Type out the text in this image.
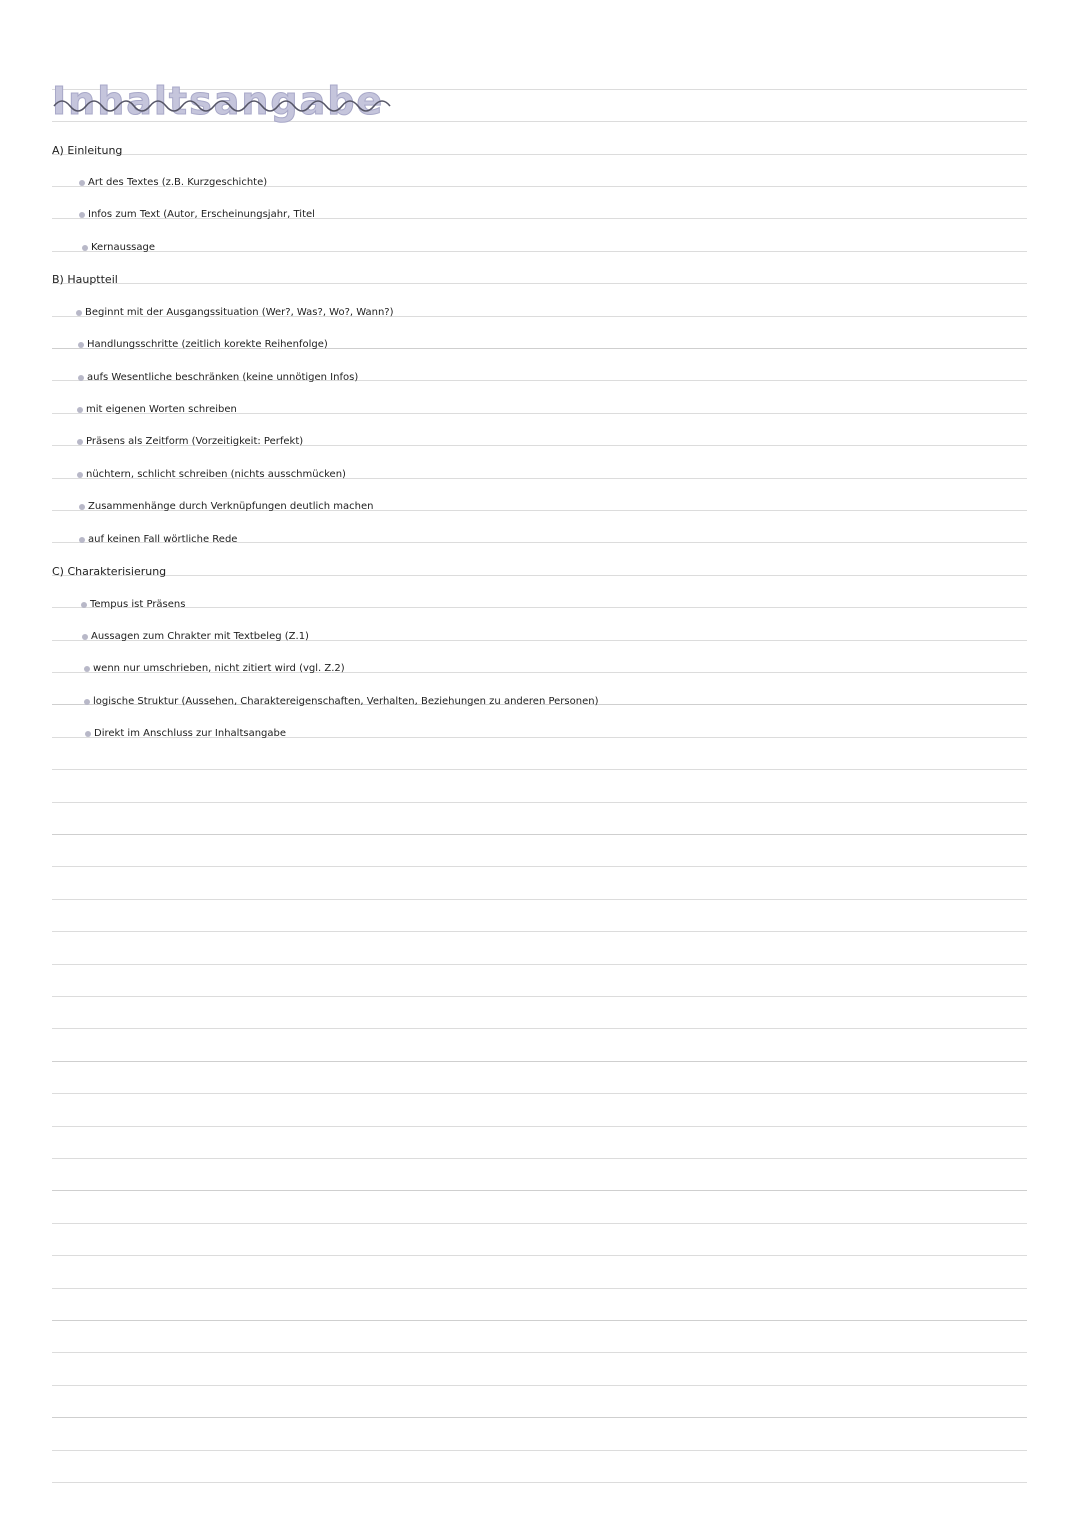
Inhaltsangabe
A) Einleitung
Art des Textes (z.B. Kurzgeschichte)
Infos zum Text (Autor, Erscheinungsjahr, Titel
Kernaussage
B) Hauptteil
Beginnt mit der Ausgangssituation (Wer?, Was?, Wo?, Wann?)
Handlungsschritte (zeitlich korekte Reihenfolge)
aufs Wesentliche beschränken (keine unnötigen Infos)
mit eigenen Worten schreiben
Präsens als Zeitform (Vorzeitigkeit: Perfekt)
nüchtern, schlicht schreiben (nichts ausschmücken)
Zusammenhänge durch Verknüpfungen deutlich machen
auf keinen Fall wörtliche Rede
C) Charakterisierung
Tempus ist Präsens
Aussagen zum Chrakter mit Textbeleg (Z.1)
wenn nur umschrieben, nicht zitiert wird (vgl. Z.2)
logische Struktur (Aussehen, Charaktereigenschaften, Verhalten, Beziehungen zu anderen Personen)
Direkt im Anschluss zur Inhaltsangabe
